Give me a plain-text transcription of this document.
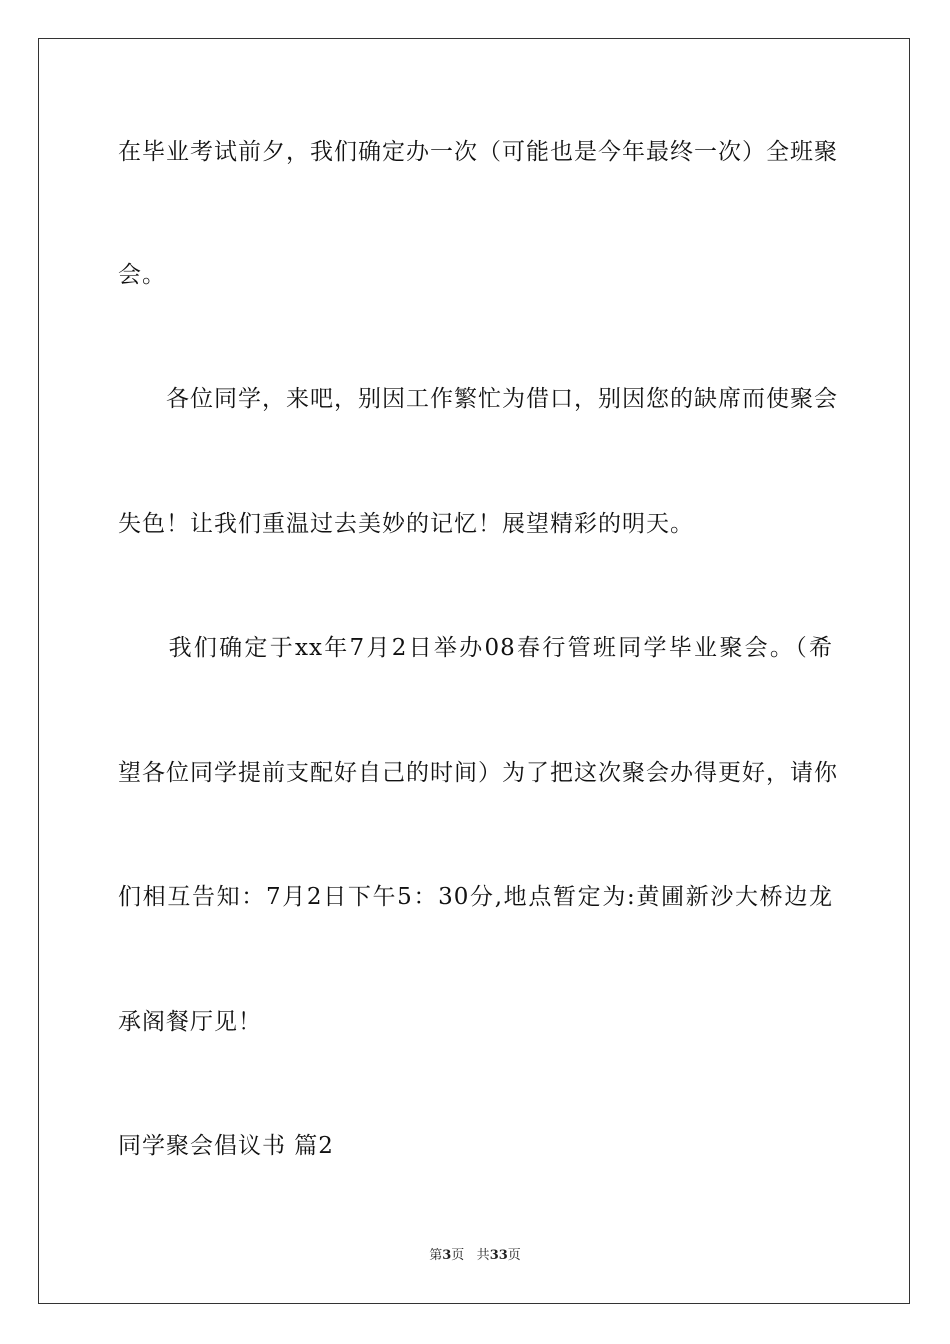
在毕业考试前夕，我们确定办一次（可能也是今年最终一次）全班聚
会。
　　各位同学，来吧，别因工作繁忙为借口，别因您的缺席而使聚会
失色！让我们重温过去美妙的记忆！展望精彩的明天。
　　我们确定于xx年7月2日举办08春行管班同学毕业聚会。（希
望各位同学提前支配好自己的时间）为了把这次聚会办得更好，请你
们相互告知：7月2日下午5：30分,地点暂定为:黄圃新沙大桥边龙
承阁餐厅见！
同学聚会倡议书 篇2
第3页 共33页
